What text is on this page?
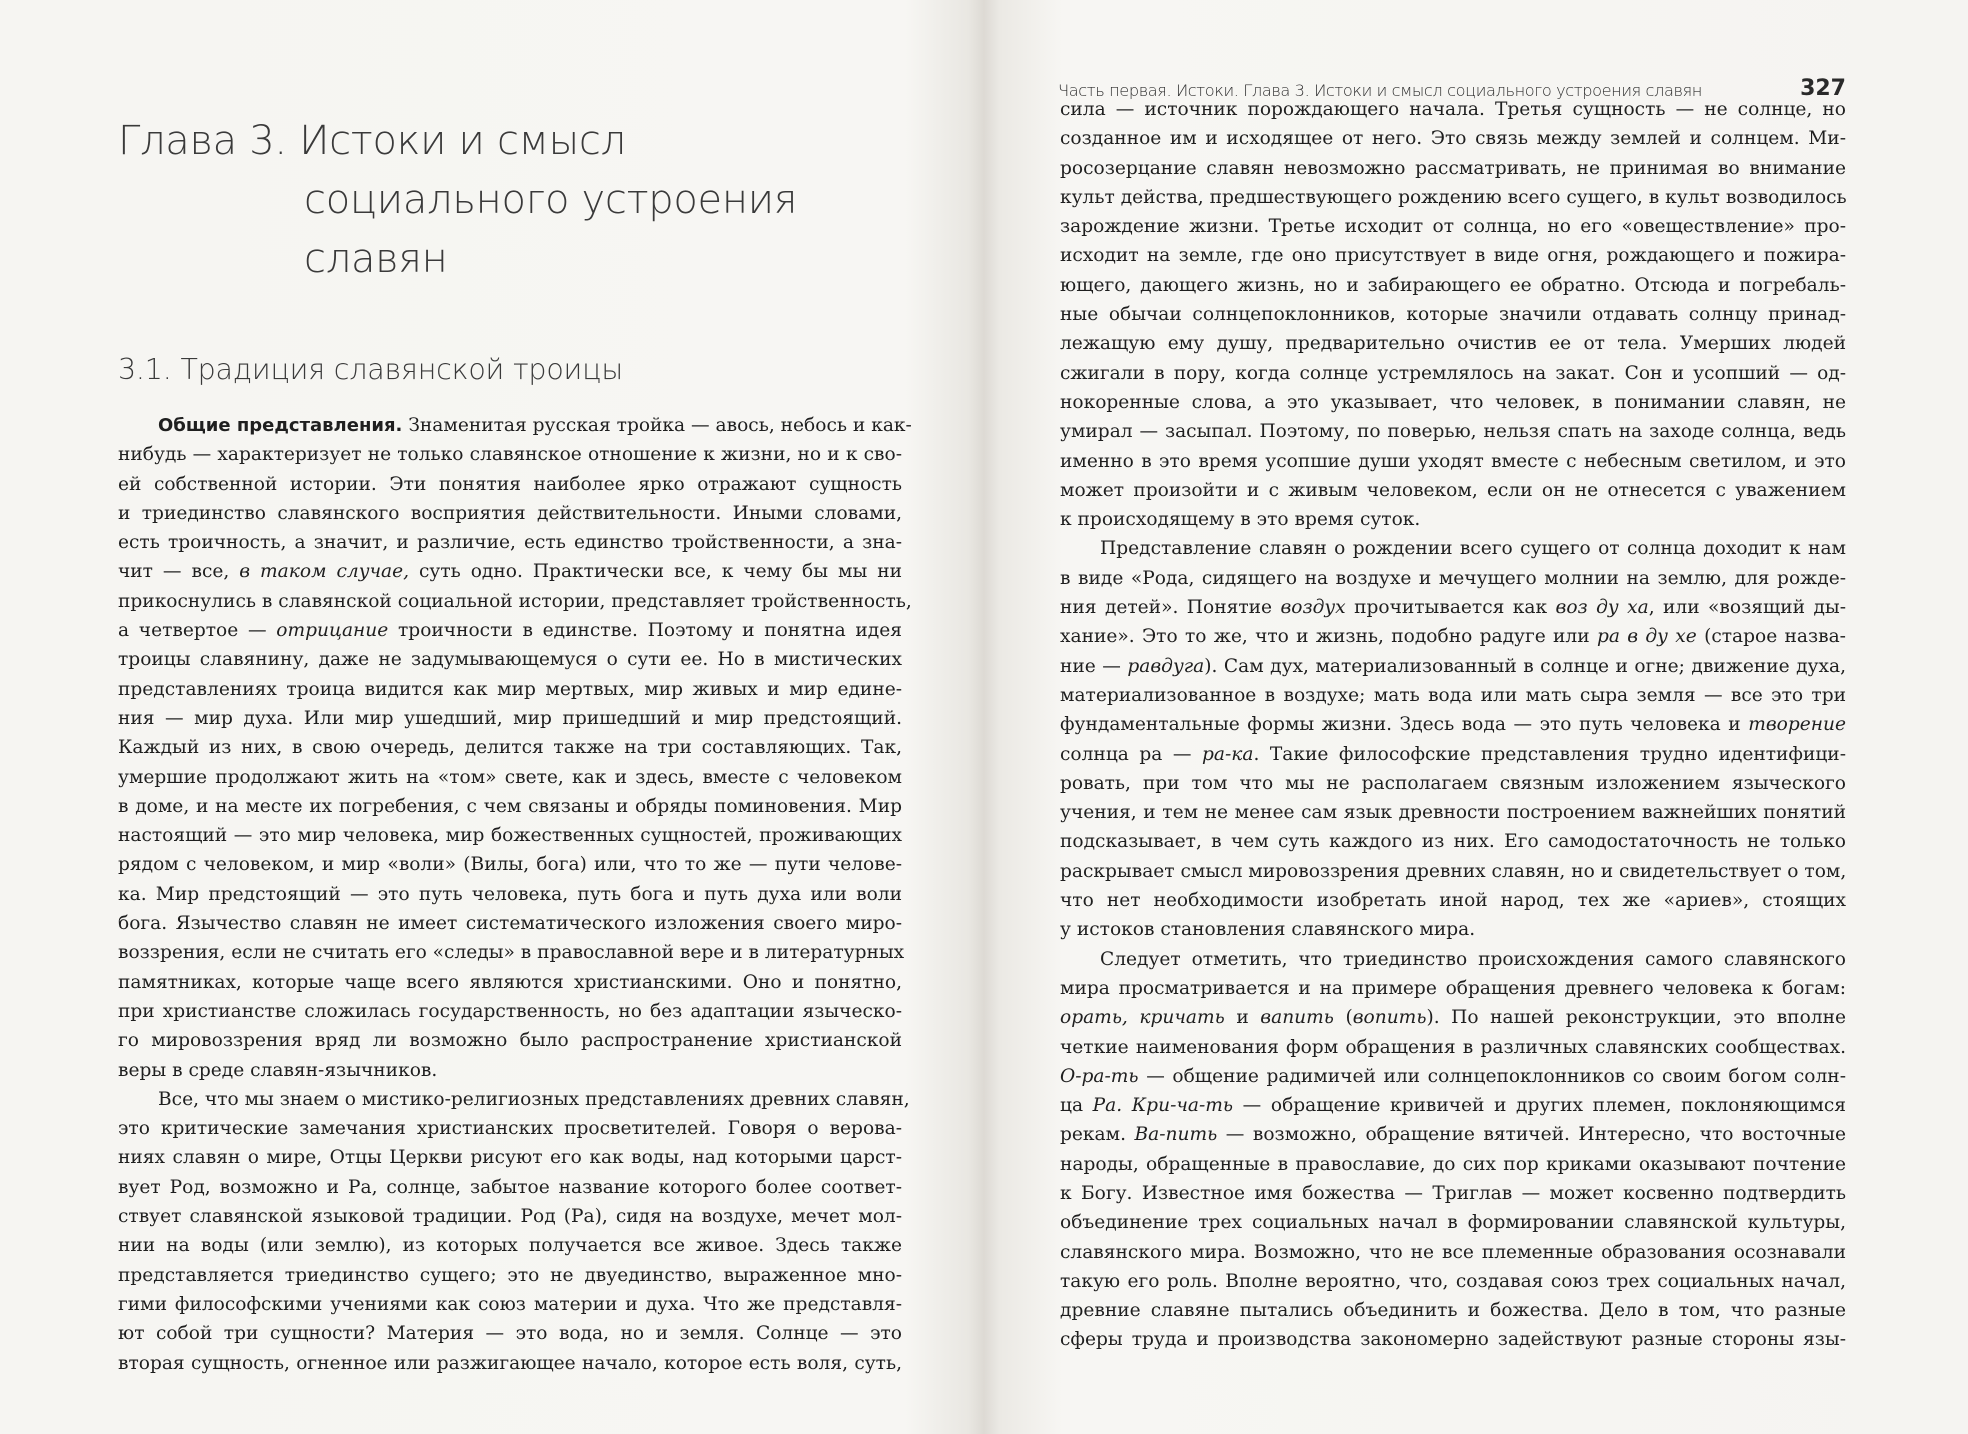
Глава 3. Истоки и смысл
социального устроения
славян
3.1. Традиция славянской троицы
Общие представления. Знаменитая русская тройка — авось, небось и как-
нибудь — характеризует не только славянское отношение к жизни, но и к сво-
ей собственной истории. Эти понятия наиболее ярко отражают сущность
и триединство славянского восприятия действительности. Иными словами,
есть троичность, а значит, и различие, есть единство тройственности, а зна-
чит — все, в таком случае, суть одно. Практически все, к чему бы мы ни
прикоснулись в славянской социальной истории, представляет тройственность,
а четвертое — отрицание троичности в единстве. Поэтому и понятна идея
троицы славянину, даже не задумывающемуся о сути ее. Но в мистических
представлениях троица видится как мир мертвых, мир живых и мир едине-
ния — мир духа. Или мир ушедший, мир пришедший и мир предстоящий.
Каждый из них, в свою очередь, делится также на три составляющих. Так,
умершие продолжают жить на «том» свете, как и здесь, вместе с человеком
в доме, и на месте их погребения, с чем связаны и обряды поминовения. Мир
настоящий — это мир человека, мир божественных сущностей, проживающих
рядом с человеком, и мир «воли» (Вилы, бога) или, что то же — пути челове-
ка. Мир предстоящий — это путь человека, путь бога и путь духа или воли
бога. Язычество славян не имеет систематического изложения своего миро-
воззрения, если не считать его «следы» в православной вере и в литературных
памятниках, которые чаще всего являются христианскими. Оно и понятно,
при христианстве сложилась государственность, но без адаптации языческо-
го мировоззрения вряд ли возможно было распространение христианской
веры в среде славян-язычников.
Все, что мы знаем о мистико-религиозных представлениях древних славян,
это критические замечания христианских просветителей. Говоря о верова-
ниях славян о мире, Отцы Церкви рисуют его как воды, над которыми царст-
вует Род, возможно и Ра, солнце, забытое название которого более соответ-
ствует славянской языковой традиции. Род (Ра), сидя на воздухе, мечет мол-
нии на воды (или землю), из которых получается все живое. Здесь также
представляется триединство сущего; это не двуединство, выраженное мно-
гими философскими учениями как союз материи и духа. Что же представля-
ют собой три сущности? Материя — это вода, но и земля. Солнце — это
вторая сущность, огненное или разжигающее начало, которое есть воля, суть,
Часть первая. Истоки. Глава 3. Истоки и смысл социального устроения славян	327
сила — источник порождающего начала. Третья сущность — не солнце, но
созданное им и исходящее от него. Это связь между землей и солнцем. Ми-
росозерцание славян невозможно рассматривать, не принимая во внимание
культ действа, предшествующего рождению всего сущего, в культ возводилось
зарождение жизни. Третье исходит от солнца, но его «овеществление» про-
исходит на земле, где оно присутствует в виде огня, рождающего и пожира-
ющего, дающего жизнь, но и забирающего ее обратно. Отсюда и погребаль-
ные обычаи солнцепоклонников, которые значили отдавать солнцу принад-
лежащую ему душу, предварительно очистив ее от тела. Умерших людей
сжигали в пору, когда солнце устремлялось на закат. Сон и усопший — од-
нокоренные слова, а это указывает, что человек, в понимании славян, не
умирал — засыпал. Поэтому, по поверью, нельзя спать на заходе солнца, ведь
именно в это время усопшие души уходят вместе с небесным светилом, и это
может произойти и с живым человеком, если он не отнесется с уважением
к происходящему в это время суток.
Представление славян о рождении всего сущего от солнца доходит к нам
в виде «Рода, сидящего на воздухе и мечущего молнии на землю, для рожде-
ния детей». Понятие воздух прочитывается как воз ду ха, или «возящий ды-
хание». Это то же, что и жизнь, подобно радуге или ра в ду хе (старое назва-
ние — равдуга). Сам дух, материализованный в солнце и огне; движение духа,
материализованное в воздухе; мать вода или мать сыра земля — все это три
фундаментальные формы жизни. Здесь вода — это путь человека и творение
солнца ра — ра-ка. Такие философские представления трудно идентифици-
ровать, при том что мы не располагаем связным изложением языческого
учения, и тем не менее сам язык древности построением важнейших понятий
подсказывает, в чем суть каждого из них. Его самодостаточность не только
раскрывает смысл мировоззрения древних славян, но и свидетельствует о том,
что нет необходимости изобретать иной народ, тех же «ариев», стоящих
у истоков становления славянского мира.
Следует отметить, что триединство происхождения самого славянского
мира просматривается и на примере обращения древнего человека к богам:
орать, кричать и вапить (вопить). По нашей реконструкции, это вполне
четкие наименования форм обращения в различных славянских сообществах.
О-ра-ть — общение радимичей или солнцепоклонников со своим богом солн-
ца Ра. Кри-ча-ть — обращение кривичей и других племен, поклоняющимся
рекам. Ва-пить — возможно, обращение вятичей. Интересно, что восточные
народы, обращенные в православие, до сих пор криками оказывают почтение
к Богу. Известное имя божества — Триглав — может косвенно подтвердить
объединение трех социальных начал в формировании славянской культуры,
славянского мира. Возможно, что не все племенные образования осознавали
такую его роль. Вполне вероятно, что, создавая союз трех социальных начал,
древние славяне пытались объединить и божества. Дело в том, что разные
сферы труда и производства закономерно задействуют разные стороны язы-
